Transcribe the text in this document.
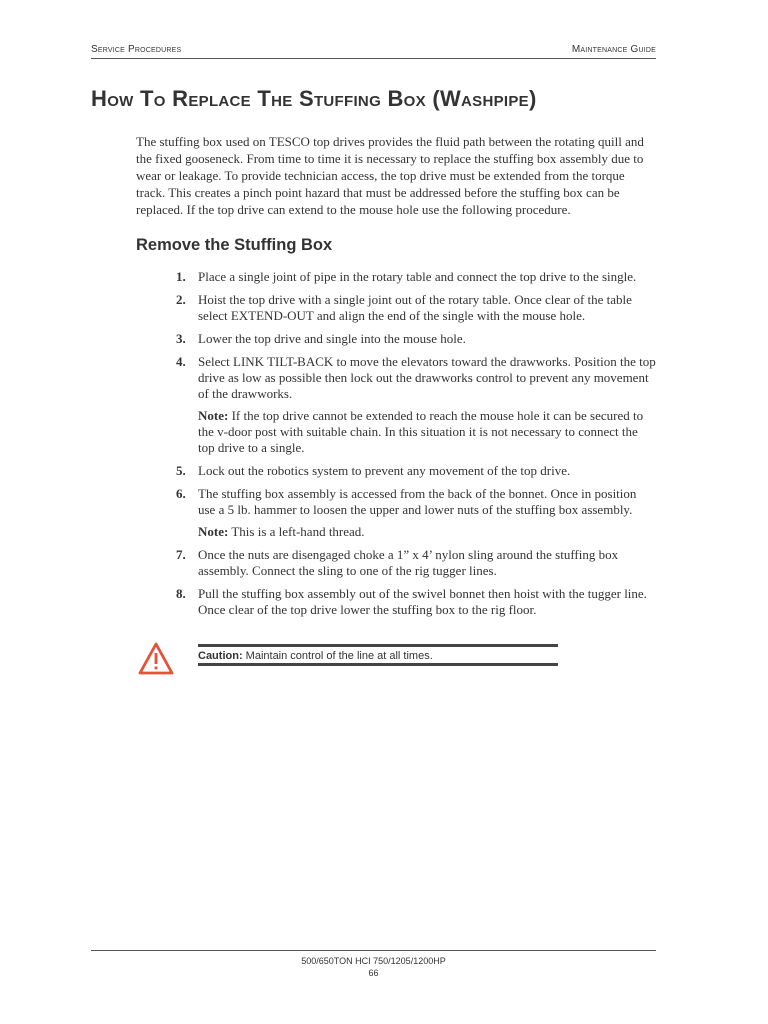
Service Procedures	Maintenance Guide
How To Replace The Stuffing Box (Washpipe)

The stuffing box used on TESCO top drives provides the fluid path between the rotating quill and the fixed gooseneck. From time to time it is necessary to replace the stuffing box assembly due to wear or leakage. To provide technician access, the top drive must be extended from the torque track. This creates a pinch point hazard that must be addressed before the stuffing box can be replaced. If the top drive can extend to the mouse hole use the following procedure.

Remove the Stuffing Box
1. Place a single joint of pipe in the rotary table and connect the top drive to the single.
2. Hoist the top drive with a single joint out of the rotary table. Once clear of the table select EXTEND-OUT and align the end of the single with the mouse hole.
3. Lower the top drive and single into the mouse hole.
4. Select LINK TILT-BACK to move the elevators toward the drawworks. Position the top drive as low as possible then lock out the drawworks control to prevent any movement of the drawworks.
Note: If the top drive cannot be extended to reach the mouse hole it can be secured to the v-door post with suitable chain. In this situation it is not necessary to connect the top drive to a single.
5. Lock out the robotics system to prevent any movement of the top drive.
6. The stuffing box assembly is accessed from the back of the bonnet. Once in position use a 5 lb. hammer to loosen the upper and lower nuts of the stuffing box assembly.
Note: This is a left-hand thread.
7. Once the nuts are disengaged choke a 1” x 4’ nylon sling around the stuffing box assembly. Connect the sling to one of the rig tugger lines.
8. Pull the stuffing box assembly out of the swivel bonnet then hoist with the tugger line. Once clear of the top drive lower the stuffing box to the rig floor.
Caution: Maintain control of the line at all times.
500/650TON HCI 750/1205/1200HP
66
